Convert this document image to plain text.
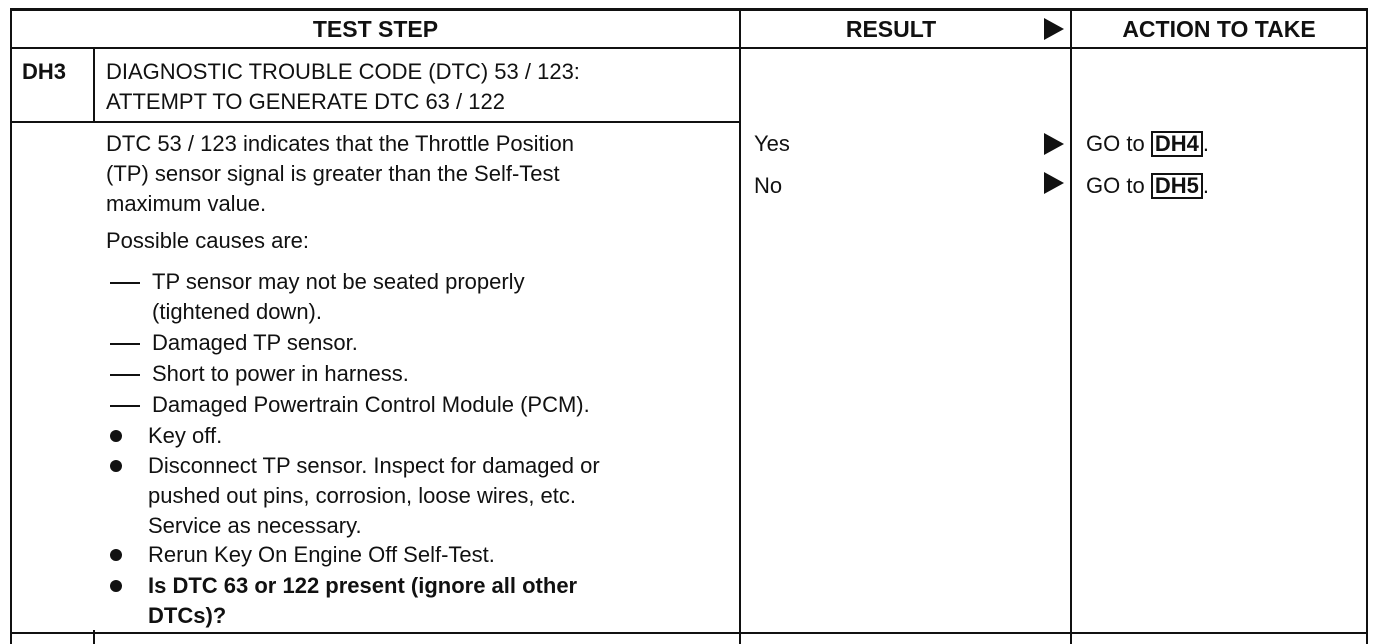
TEST STEP	RESULT	ACTION TO TAKE
DH3 DIAGNOSTIC TROUBLE CODE (DTC) 53 / 123:
ATTEMPT TO GENERATE DTC 63 / 122
DTC 53 / 123 indicates that the Throttle Position
(TP) sensor signal is greater than the Self-Test
maximum value.
Possible causes are:
TP sensor may not be seated properly
(tightened down).
Damaged TP sensor.
Short to power in harness.
Damaged Powertrain Control Module (PCM).
Key off.
Disconnect TP sensor. Inspect for damaged or
pushed out pins, corrosion, loose wires, etc.
Service as necessary.
Rerun Key On Engine Off Self-Test.
Is DTC 63 or 122 present (ignore all other
DTCs)?
Yes	GO to DH4 .
No	GO to DH5 .
